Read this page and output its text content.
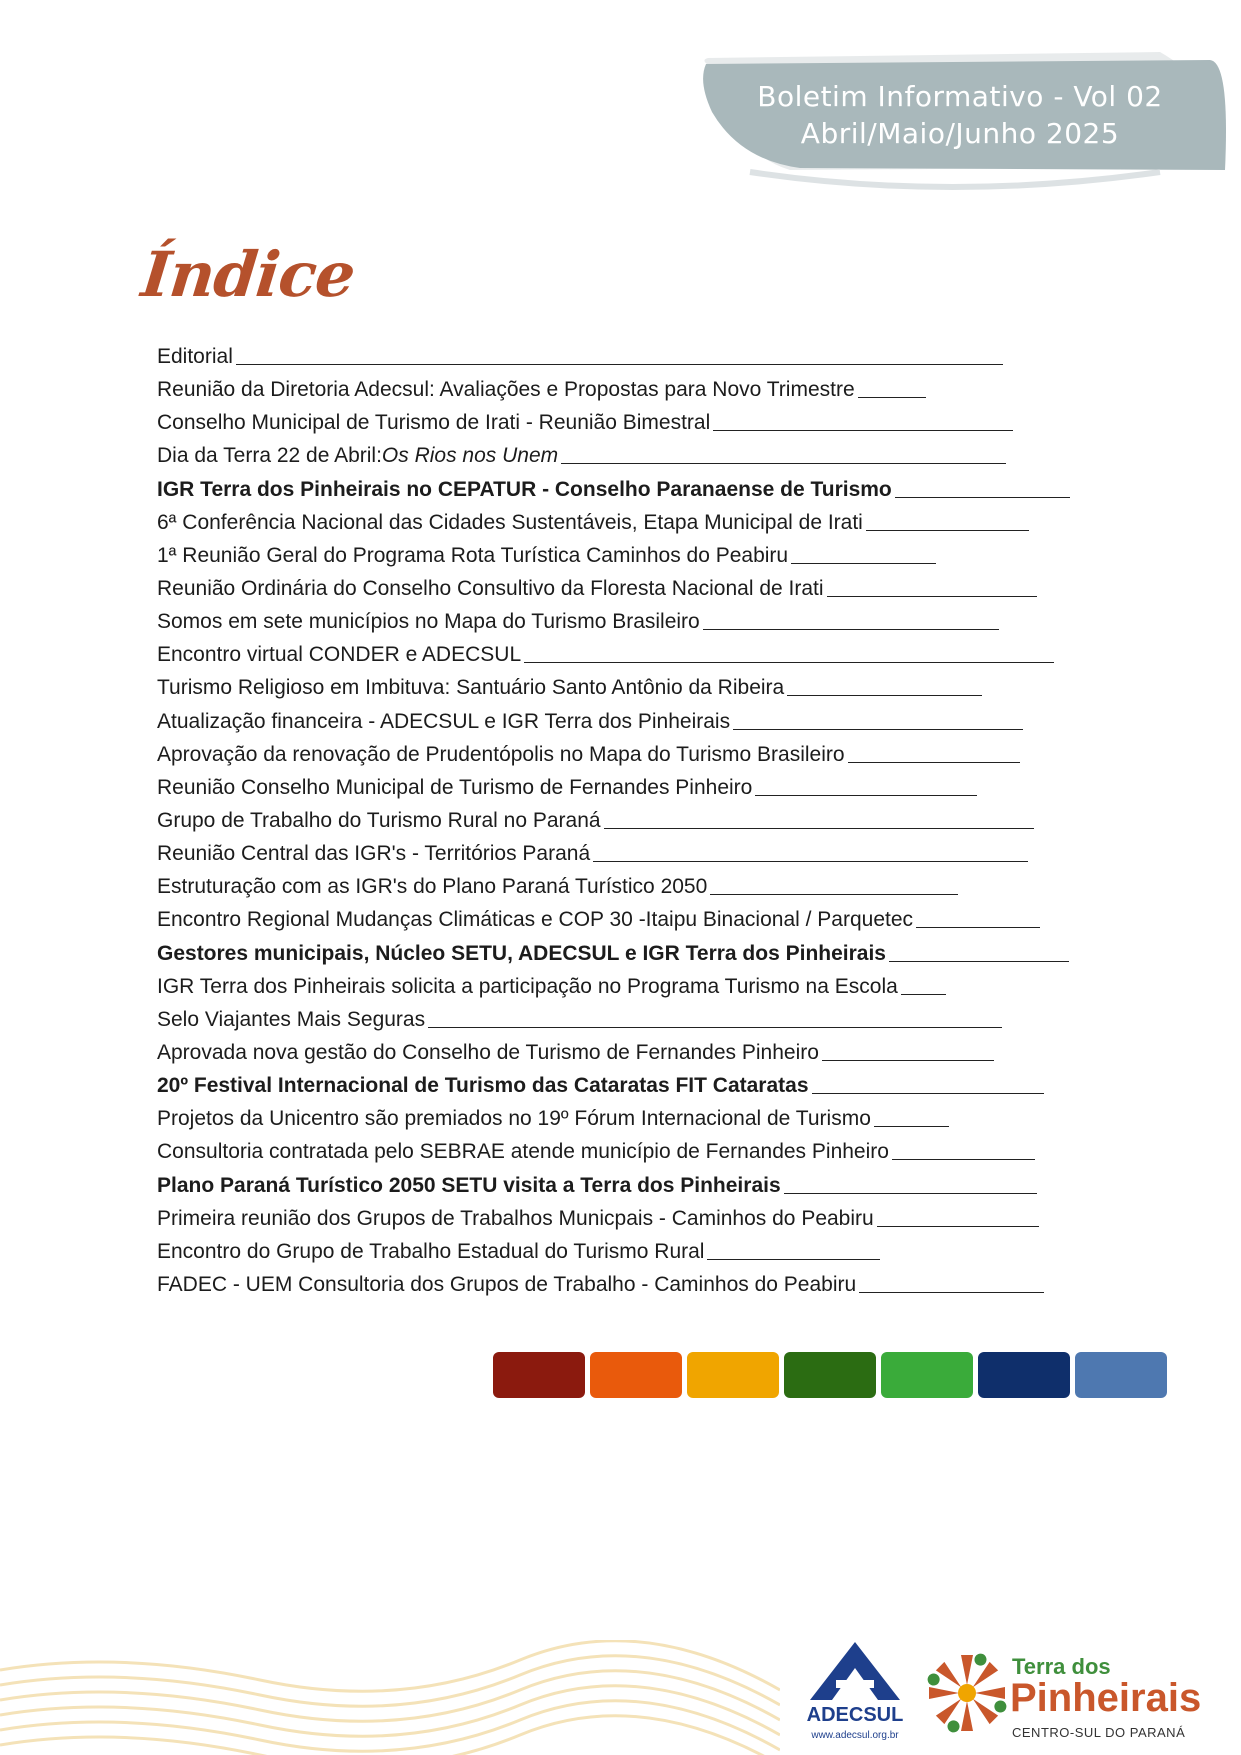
Boletim Informativo - Vol 02
Abril/Maio/Junho 2025
Índice
Editorial
Reunião da Diretoria Adecsul: Avaliações e Propostas para Novo Trimestre
Conselho Municipal de Turismo de Irati - Reunião Bimestral
Dia da Terra 22 de Abril: Os Rios nos Unem
IGR Terra dos Pinheirais no CEPATUR - Conselho Paranaense de Turismo
6ª Conferência Nacional das Cidades Sustentáveis, Etapa Municipal de Irati
1ª Reunião Geral do Programa Rota Turística Caminhos do Peabiru
Reunião Ordinária do Conselho Consultivo da Floresta Nacional de Irati
Somos em sete municípios no Mapa do Turismo Brasileiro
Encontro virtual CONDER e ADECSUL
Turismo Religioso em Imbituva: Santuário Santo Antônio da Ribeira
Atualização financeira - ADECSUL e IGR Terra dos Pinheirais
Aprovação da renovação de Prudentópolis no Mapa do Turismo Brasileiro
Reunião Conselho Municipal de Turismo de Fernandes Pinheiro
Grupo de Trabalho do Turismo Rural no Paraná
Reunião Central das IGR's - Territórios Paraná
Estruturação com as IGR's do Plano Paraná Turístico 2050
Encontro Regional Mudanças Climáticas e COP 30 -Itaipu Binacional / Parquetec
Gestores municipais, Núcleo SETU, ADECSUL e IGR Terra dos Pinheirais
IGR Terra dos Pinheirais solicita a participação no Programa Turismo na Escola
Selo Viajantes Mais Seguras
Aprovada nova gestão do Conselho de Turismo de Fernandes Pinheiro
20º Festival Internacional de Turismo das Cataratas FIT Cataratas
Projetos da Unicentro são premiados no 19º Fórum Internacional de Turismo
Consultoria contratada pelo SEBRAE atende município de Fernandes Pinheiro
Plano Paraná Turístico 2050 SETU visita a Terra dos Pinheirais
Primeira reunião dos Grupos de Trabalhos Municpais - Caminhos do Peabiru
Encontro do Grupo de Trabalho Estadual do Turismo Rural
FADEC - UEM Consultoria dos Grupos de Trabalho - Caminhos do Peabiru
ADECSUL
www.adecsul.org.br
Terra dos
Pinheirais
CENTRO-SUL DO PARANÁ
